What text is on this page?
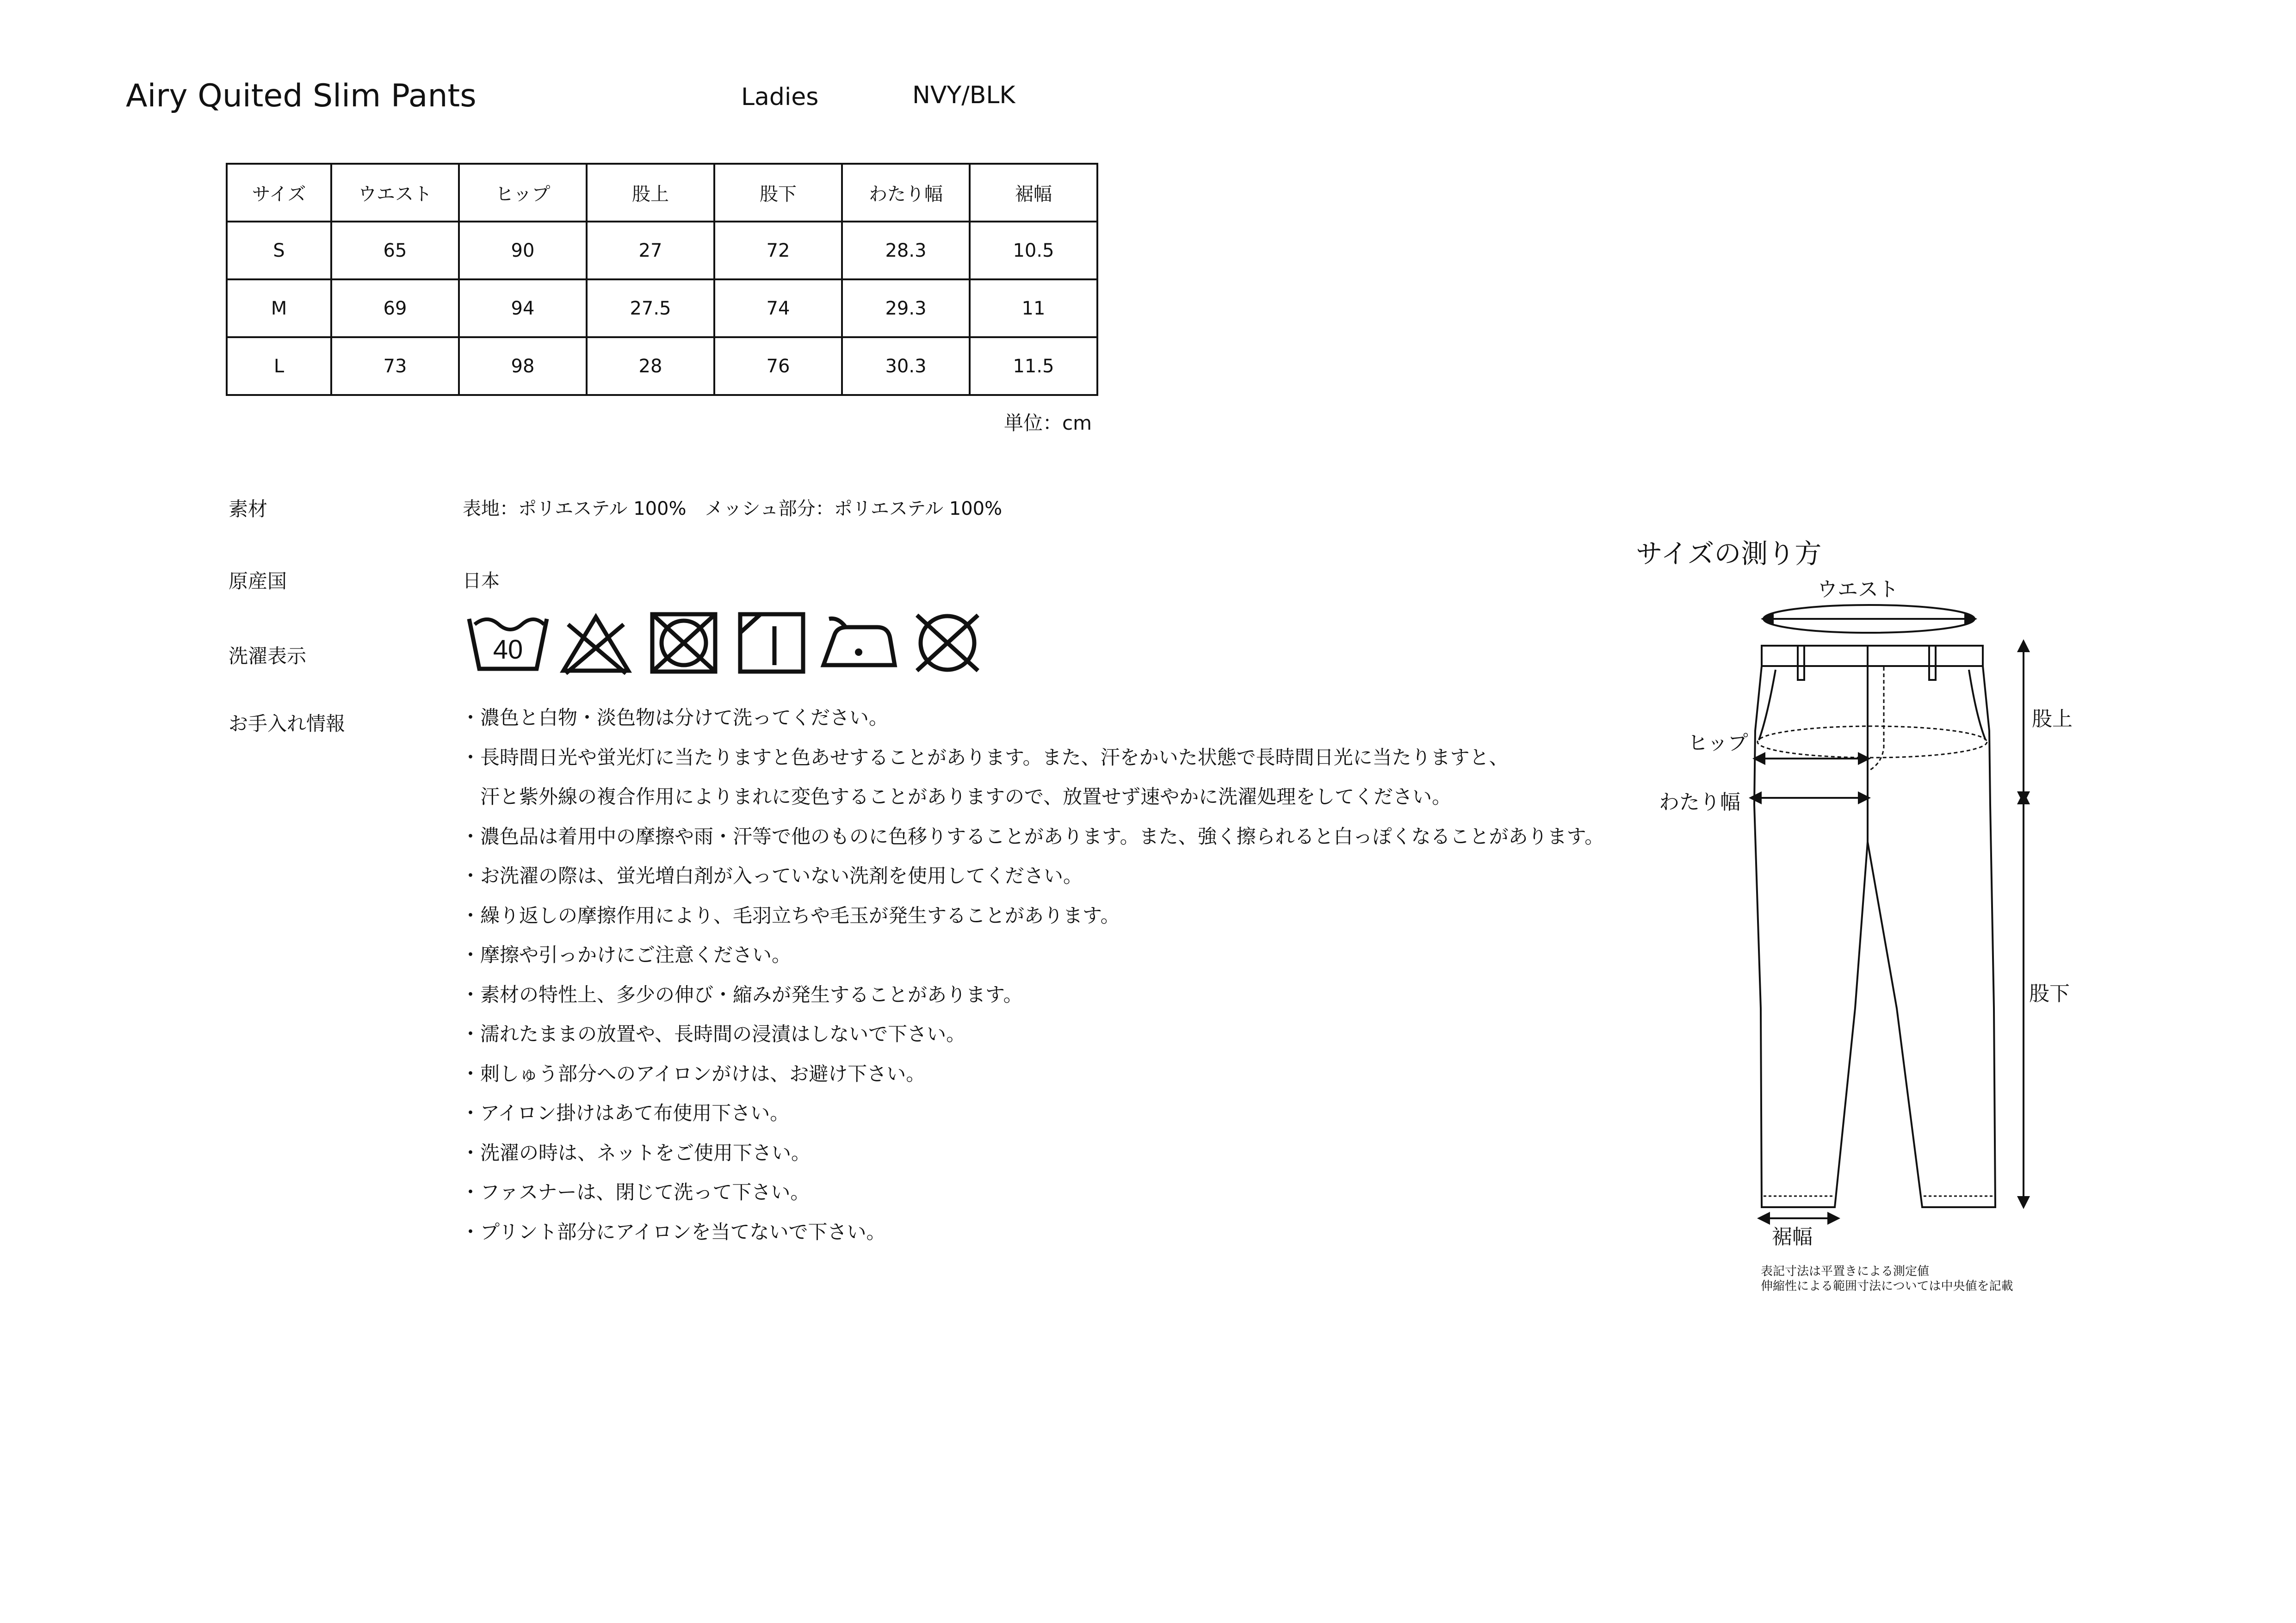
Airy Quited Slim Pants	Ladies	NVY/BLK
サイズ	ウエスト	ヒップ	股上	股下	わたり幅	裾幅
S	65	90	27	72	28.3	10.5
M	69	94	27.5	74	29.3	11
L	73	98	28	76	30.3	11.5
単位：cm
素材	表地：ポリエステル 100%　メッシュ部分：ポリエステル 100%
原産国	日本
洗濯表示
お手入れ情報
40
・濃色と白物・淡色物は分けて洗ってください。
・長時間日光や蛍光灯に当たりますと色あせすることがあります。また、汗をかいた状態で長時間日光に当たりますと、
　汗と紫外線の複合作用によりまれに変色することがありますので、放置せず速やかに洗濯処理をしてください。
・濃色品は着用中の摩擦や雨・汗等で他のものに色移りすることがあります。また、強く擦られると白っぽくなることがあります。
・お洗濯の際は、蛍光増白剤が入っていない洗剤を使用してください。
・繰り返しの摩擦作用により、毛羽立ちや毛玉が発生することがあります。
・摩擦や引っかけにご注意ください。
・素材の特性上、多少の伸び・縮みが発生することがあります。
・濡れたままの放置や、長時間の浸漬はしないで下さい。
・刺しゅう部分へのアイロンがけは、お避け下さい。
・アイロン掛けはあて布使用下さい。
・洗濯の時は、ネットをご使用下さい。
・ファスナーは、閉じて洗って下さい。
・プリント部分にアイロンを当てないで下さい。
サイズの測り方
ウエスト
ヒップ
わたり幅
股上
股下
裾幅
表記寸法は平置きによる測定値
伸縮性による範囲寸法については中央値を記載
